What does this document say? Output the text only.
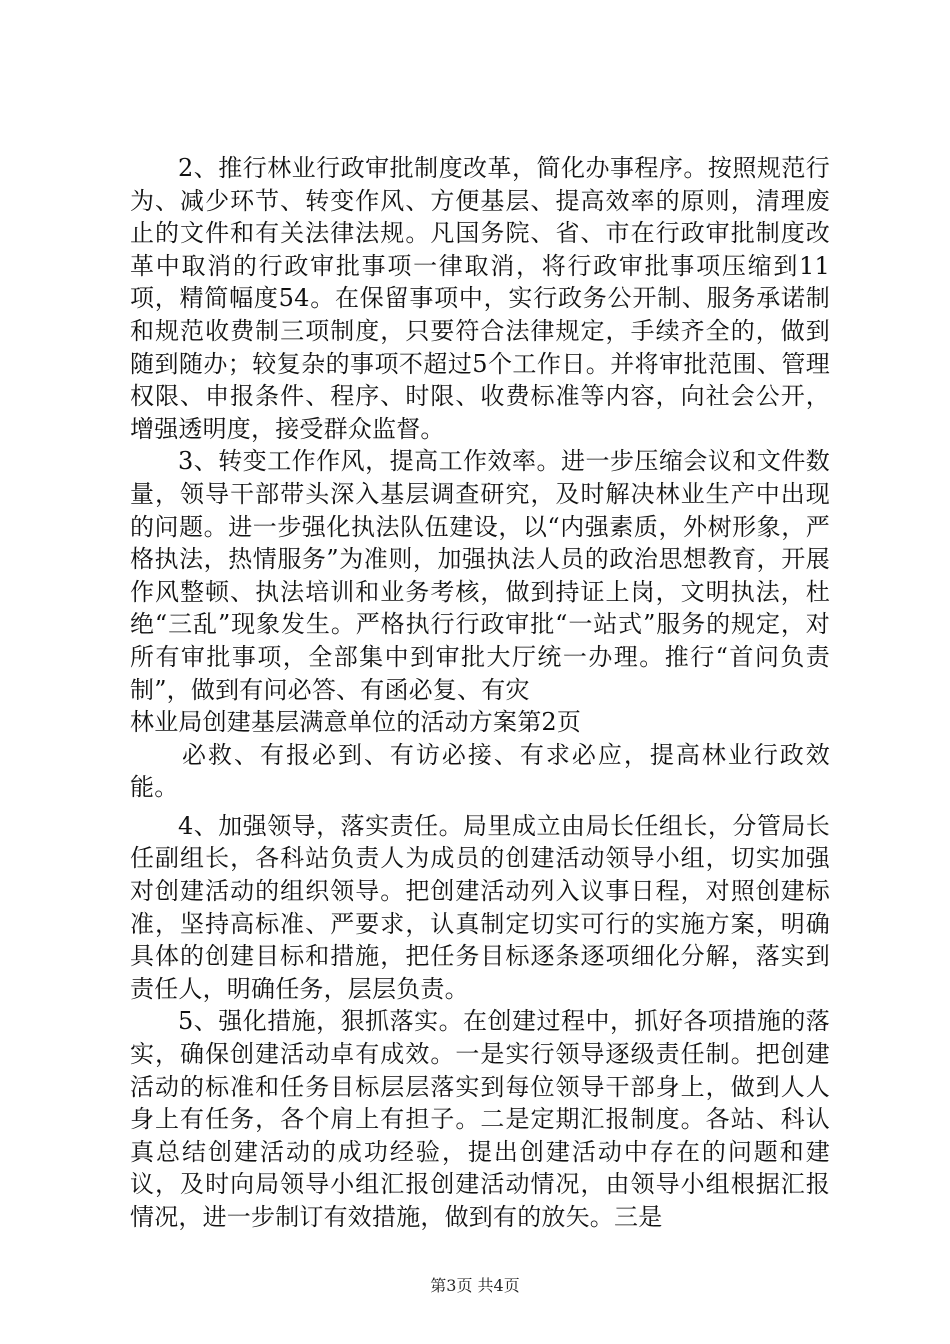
2、推行林业行政审批制度改革，简化办事程序。按照规范行为、减少环节、转变作风、方便基层、提高效率的原则，清理废止的文件和有关法律法规。凡国务院、省、市在行政审批制度改革中取消的行政审批事项一律取消，将行政审批事项压缩到11项，精简幅度54。在保留事项中，实行政务公开制、服务承诺制和规范收费制三项制度，只要符合法律规定，手续齐全的，做到随到随办；较复杂的事项不超过5个工作日。并将审批范围、管理权限、申报条件、程序、时限、收费标准等内容，向社会公开，增强透明度，接受群众监督。

3、转变工作作风，提高工作效率。进一步压缩会议和文件数量，领导干部带头深入基层调查研究，及时解决林业生产中出现的问题。进一步强化执法队伍建设，以“内强素质，外树形象，严格执法，热情服务”为准则，加强执法人员的政治思想教育，开展作风整顿、执法培训和业务考核，做到持证上岗，文明执法，杜绝“三乱”现象发生。严格执行行政审批“一站式”服务的规定，对所有审批事项，全部集中到审批大厅统一办理。推行“首问负责制”，做到有问必答、有函必复、有灾

林业局创建基层满意单位的活动方案第2页

必救、有报必到、有访必接、有求必应，提高林业行政效能。

4、加强领导，落实责任。局里成立由局长任组长，分管局长任副组长，各科站负责人为成员的创建活动领导小组，切实加强对创建活动的组织领导。把创建活动列入议事日程，对照创建标准，坚持高标准、严要求，认真制定切实可行的实施方案，明确具体的创建目标和措施，把任务目标逐条逐项细化分解，落实到责任人，明确任务，层层负责。

5、强化措施，狠抓落实。在创建过程中，抓好各项措施的落实，确保创建活动卓有成效。一是实行领导逐级责任制。把创建活动的标准和任务目标层层落实到每位领导干部身上，做到人人身上有任务，各个肩上有担子。二是定期汇报制度。各站、科认真总结创建活动的成功经验，提出创建活动中存在的问题和建议，及时向局领导小组汇报创建活动情况，由领导小组根据汇报情况，进一步制订有效措施，做到有的放矢。三是

第3页 共4页
